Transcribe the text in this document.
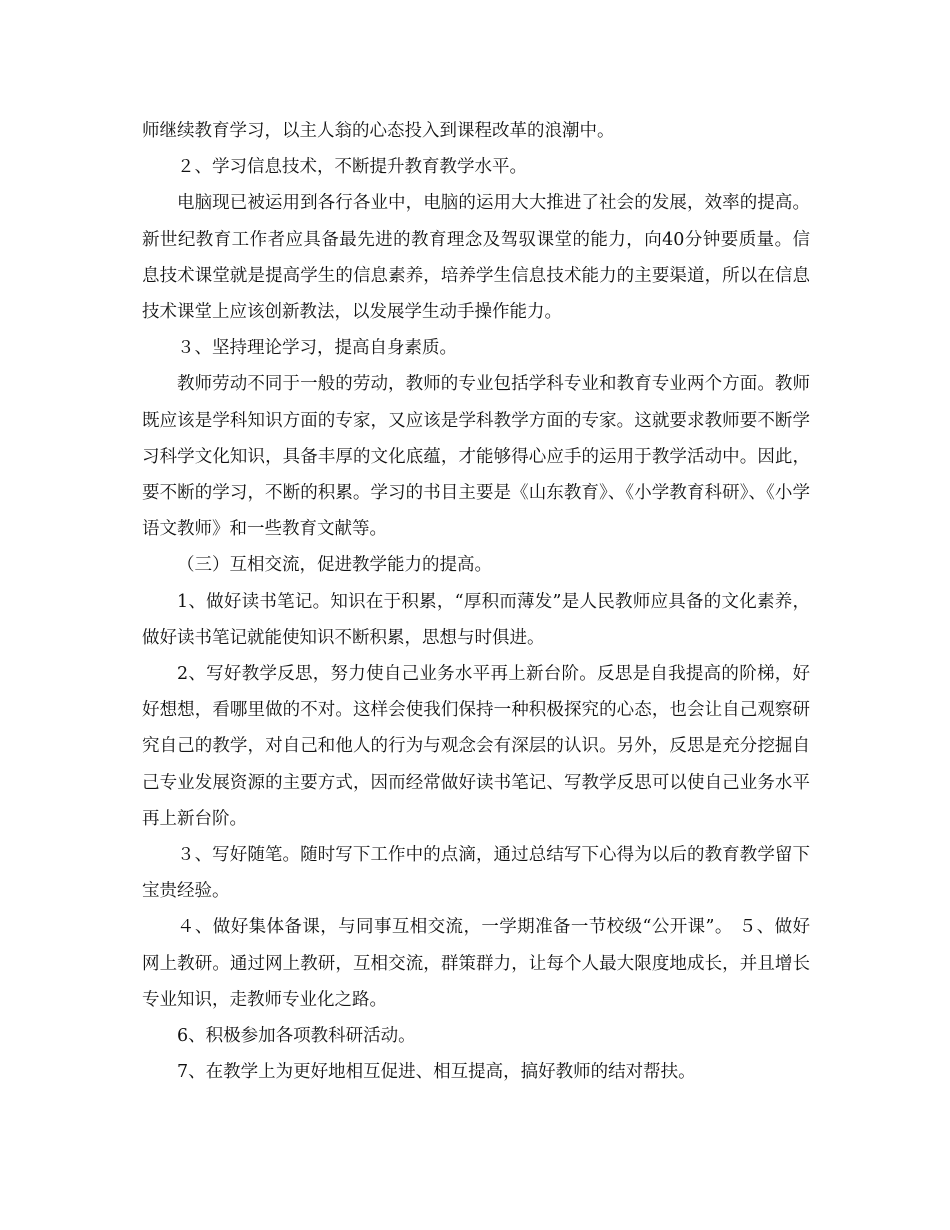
师继续教育学习，以主人翁的心态投入到课程改革的浪潮中。

２、学习信息技术，不断提升教育教学水平。

电脑现已被运用到各行各业中，电脑的运用大大推进了社会的发展，效率的提高。新世纪教育工作者应具备最先进的教育理念及驾驭课堂的能力，向40分钟要质量。信息技术课堂就是提高学生的信息素养，培养学生信息技术能力的主要渠道，所以在信息技术课堂上应该创新教法，以发展学生动手操作能力。

３、坚持理论学习，提高自身素质。

教师劳动不同于一般的劳动，教师的专业包括学科专业和教育专业两个方面。教师既应该是学科知识方面的专家，又应该是学科教学方面的专家。这就要求教师要不断学习科学文化知识，具备丰厚的文化底蕴，才能够得心应手的运用于教学活动中。因此，要不断的学习，不断的积累。学习的书目主要是《山东教育》、《小学教育科研》、《小学语文教师》和一些教育文献等。

（三）互相交流，促进教学能力的提高。

1、做好读书笔记。知识在于积累，“厚积而薄发”是人民教师应具备的文化素养，做好读书笔记就能使知识不断积累，思想与时俱进。

2、写好教学反思，努力使自己业务水平再上新台阶。反思是自我提高的阶梯，好好想想，看哪里做的不对。这样会使我们保持一种积极探究的心态，也会让自己观察研究自己的教学，对自己和他人的行为与观念会有深层的认识。另外，反思是充分挖掘自己专业发展资源的主要方式，因而经常做好读书笔记、写教学反思可以使自己业务水平再上新台阶。

３、写好随笔。随时写下工作中的点滴，通过总结写下心得为以后的教育教学留下宝贵经验。

４、做好集体备课，与同事互相交流，一学期准备一节校级“公开课”。 ５、做好网上教研。通过网上教研，互相交流，群策群力，让每个人最大限度地成长，并且增长专业知识，走教师专业化之路。

6、积极参加各项教科研活动。

7、在教学上为更好地相互促进、相互提高，搞好教师的结对帮扶。
